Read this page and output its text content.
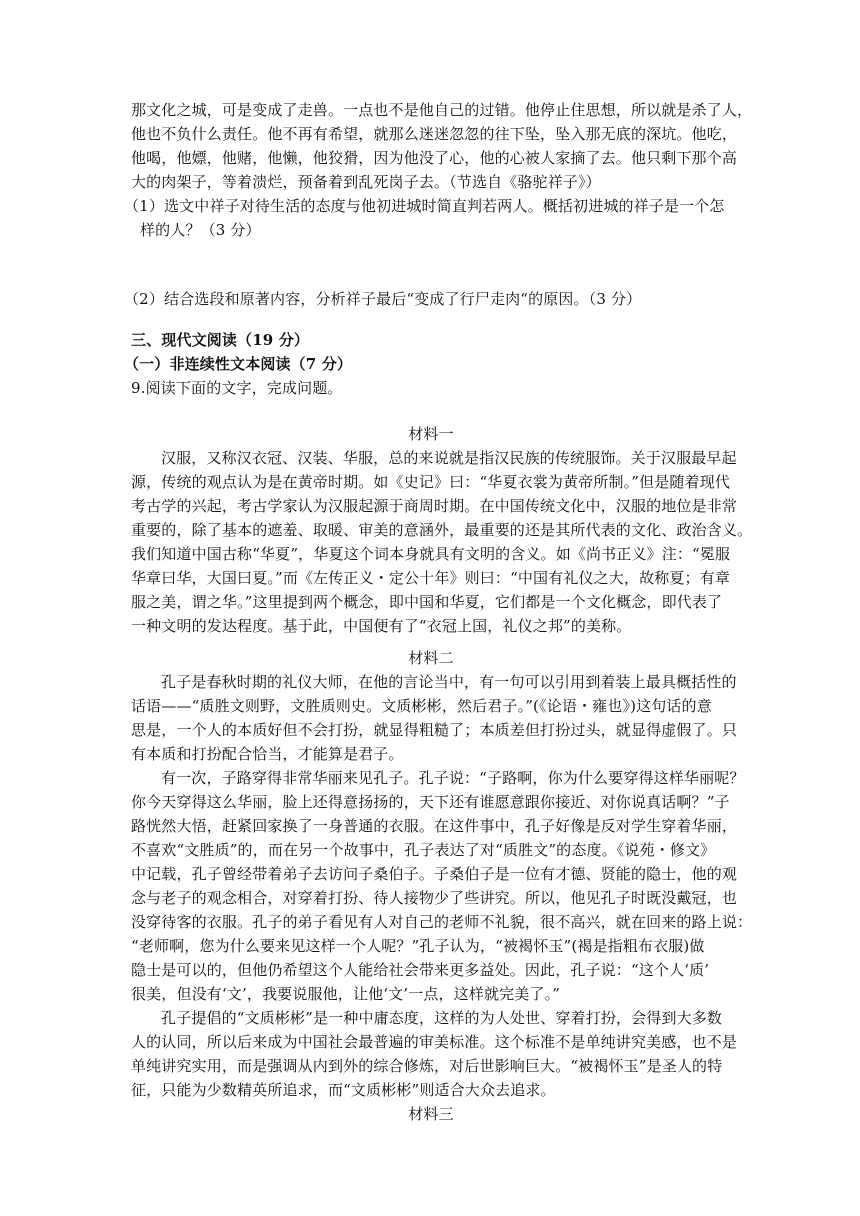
那文化之城，可是变成了走兽。一点也不是他自己的过错。他停止住思想，所以就是杀了人，
他也不负什么责任。他不再有希望，就那么迷迷忽忽的往下坠，坠入那无底的深坑。他吃，
他喝，他嫖，他赌，他懒，他狡猾，因为他没了心，他的心被人家摘了去。他只剩下那个高
大的肉架子，等着溃烂，预备着到乱死岗子去。（节选自《骆驼祥子》）
（1）选文中祥子对待生活的态度与他初进城时简直判若两人。概括初进城的祥子是一个怎
样的人？（3 分）
（2）结合选段和原著内容，分析祥子最后“变成了行尸走肉“的原因。（3 分）
三、现代文阅读（19 分）
（一）非连续性文本阅读（7 分）
9.阅读下面的文字，完成问题。
材料一
汉服，又称汉衣冠、汉装、华服，总的来说就是指汉民族的传统服饰。关于汉服最早起
源，传统的观点认为是在黄帝时期。如《史记》曰：“华夏衣裳为黄帝所制。”但是随着现代
考古学的兴起，考古学家认为汉服起源于商周时期。在中国传统文化中，汉服的地位是非常
重要的，除了基本的遮羞、取暖、审美的意涵外，最重要的还是其所代表的文化、政治含义。
我们知道中国古称“华夏”，华夏这个词本身就具有文明的含义。如《尚书正义》注：“冕服
华章曰华，大国曰夏。”而《左传正义・定公十年》则曰：“中国有礼仪之大，故称夏；有章
服之美，谓之华。”这里提到两个概念，即中国和华夏，它们都是一个文化概念，即代表了
一种文明的发达程度。基于此，中国便有了“衣冠上国，礼仪之邦”的美称。
材料二
孔子是春秋时期的礼仪大师，在他的言论当中，有一句可以引用到着装上最具概括性的
话语——“质胜文则野，文胜质则史。文质彬彬，然后君子。”(《论语・雍也》)这句话的意
思是，一个人的本质好但不会打扮，就显得粗糙了；本质差但打扮过头，就显得虚假了。只
有本质和打扮配合恰当，才能算是君子。
有一次，子路穿得非常华丽来见孔子。孔子说：“子路啊，你为什么要穿得这样华丽呢？
你今天穿得这么华丽，脸上还得意扬扬的，天下还有谁愿意跟你接近、对你说真话啊？”子
路恍然大悟，赶紧回家换了一身普通的衣服。在这件事中，孔子好像是反对学生穿着华丽，
不喜欢“文胜质”的，而在另一个故事中，孔子表达了对“质胜文”的态度。《说苑・修文》
中记载，孔子曾经带着弟子去访问子桑伯子。子桑伯子是一位有才德、贤能的隐士，他的观
念与老子的观念相合，对穿着打扮、待人接物少了些讲究。所以，他见孔子时既没戴冠，也
没穿待客的衣服。孔子的弟子看见有人对自己的老师不礼貌，很不高兴，就在回来的路上说：
“老师啊，您为什么要来见这样一个人呢？”孔子认为，“被褐怀玉”(褐是指粗布衣服)做
隐士是可以的，但他仍希望这个人能给社会带来更多益处。因此，孔子说：“这个人‘质’
很美，但没有‘文’，我要说服他，让他‘文’一点，这样就完美了。”
孔子提倡的“文质彬彬”是一种中庸态度，这样的为人处世、穿着打扮，会得到大多数
人的认同，所以后来成为中国社会最普遍的审美标准。这个标准不是单纯讲究美感，也不是
单纯讲究实用，而是强调从内到外的综合修炼，对后世影响巨大。“被褐怀玉”是圣人的特
征，只能为少数精英所追求，而“文质彬彬”则适合大众去追求。
材料三
